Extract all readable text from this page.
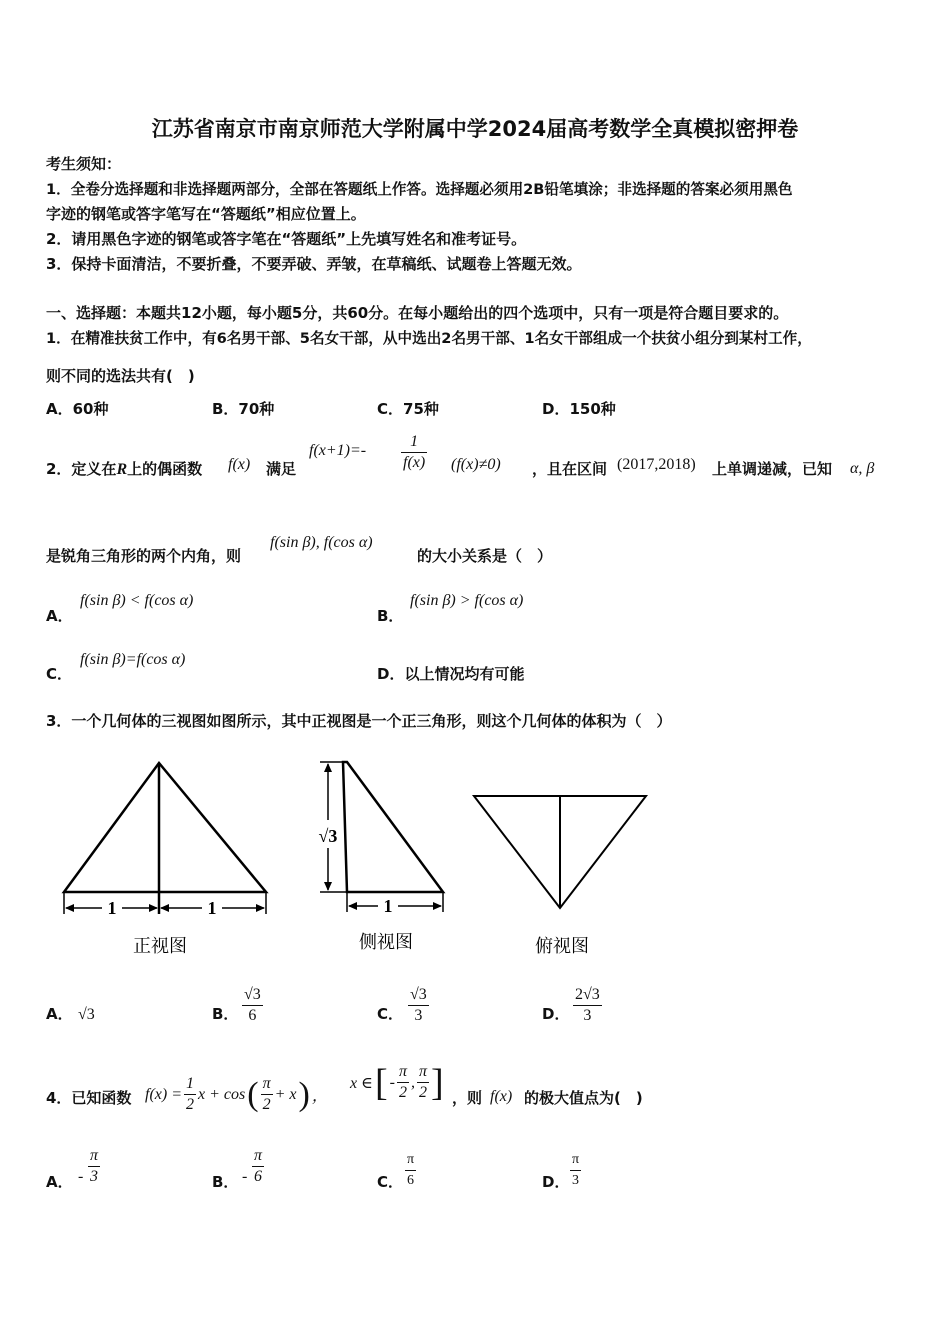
江苏省南京市南京师范大学附属中学2024届高考数学全真模拟密押卷
考生须知：
1．全卷分选择题和非选择题两部分，全部在答题纸上作答。选择题必须用2B铅笔填涂；非选择题的答案必须用黑色
字迹的钢笔或答字笔写在“答题纸”相应位置上。
2．请用黑色字迹的钢笔或答字笔在“答题纸”上先填写姓名和准考证号。
3．保持卡面清洁，不要折叠，不要弄破、弄皱，在草稿纸、试题卷上答题无效。
一、选择题：本题共12小题，每小题5分，共60分。在每小题给出的四个选项中，只有一项是符合题目要求的。
1．在精准扶贫工作中，有6名男干部、5名女干部，从中选出2名男干部、1名女干部组成一个扶贫小组分到某村工作，
则不同的选法共有(　)
A．60种	B．70种	C．75种	D．150种
2．定义在R上的偶函数 f(x) 满足
$f(x+1)=- \frac{1}{f(x)} (f(x)\ne 0)$ ，且在区间 (2017,2018) 上单调递减，已知 α, β
是锐角三角形的两个内角，则
f(sin β), f(cos α)
的大小关系是（　）
A．
f(sin β) < f(cos α)
B．
f(sin β) > f(cos α)
C．
f(sin β)=f(cos α)
D．以上情况均有可能
3．一个几何体的三视图如图所示，其中正视图是一个正三角形，则这个几何体的体积为（　）
1	1
正视图
√3
1
侧视图	俯视图
A． √3	B． $\frac{√3}{6}$	C． $\frac{√3}{3}$	D． $\frac{2√3}{3}$
4．已知函数 $f(x) = \frac{1}{2}$ x + cos ( $\frac{\pi}{2} + x$ ) ，
x ∈ [ - $\frac{\pi}{2}$ , $\frac{\pi}{2}$ ] ，则 f(x) 的极大值点为(　)
A． - $\frac{\pi}{3}$	B． - $\frac{\pi}{6}$	C． $\frac{\pi}{6}$	D． $\frac{\pi}{3}$
